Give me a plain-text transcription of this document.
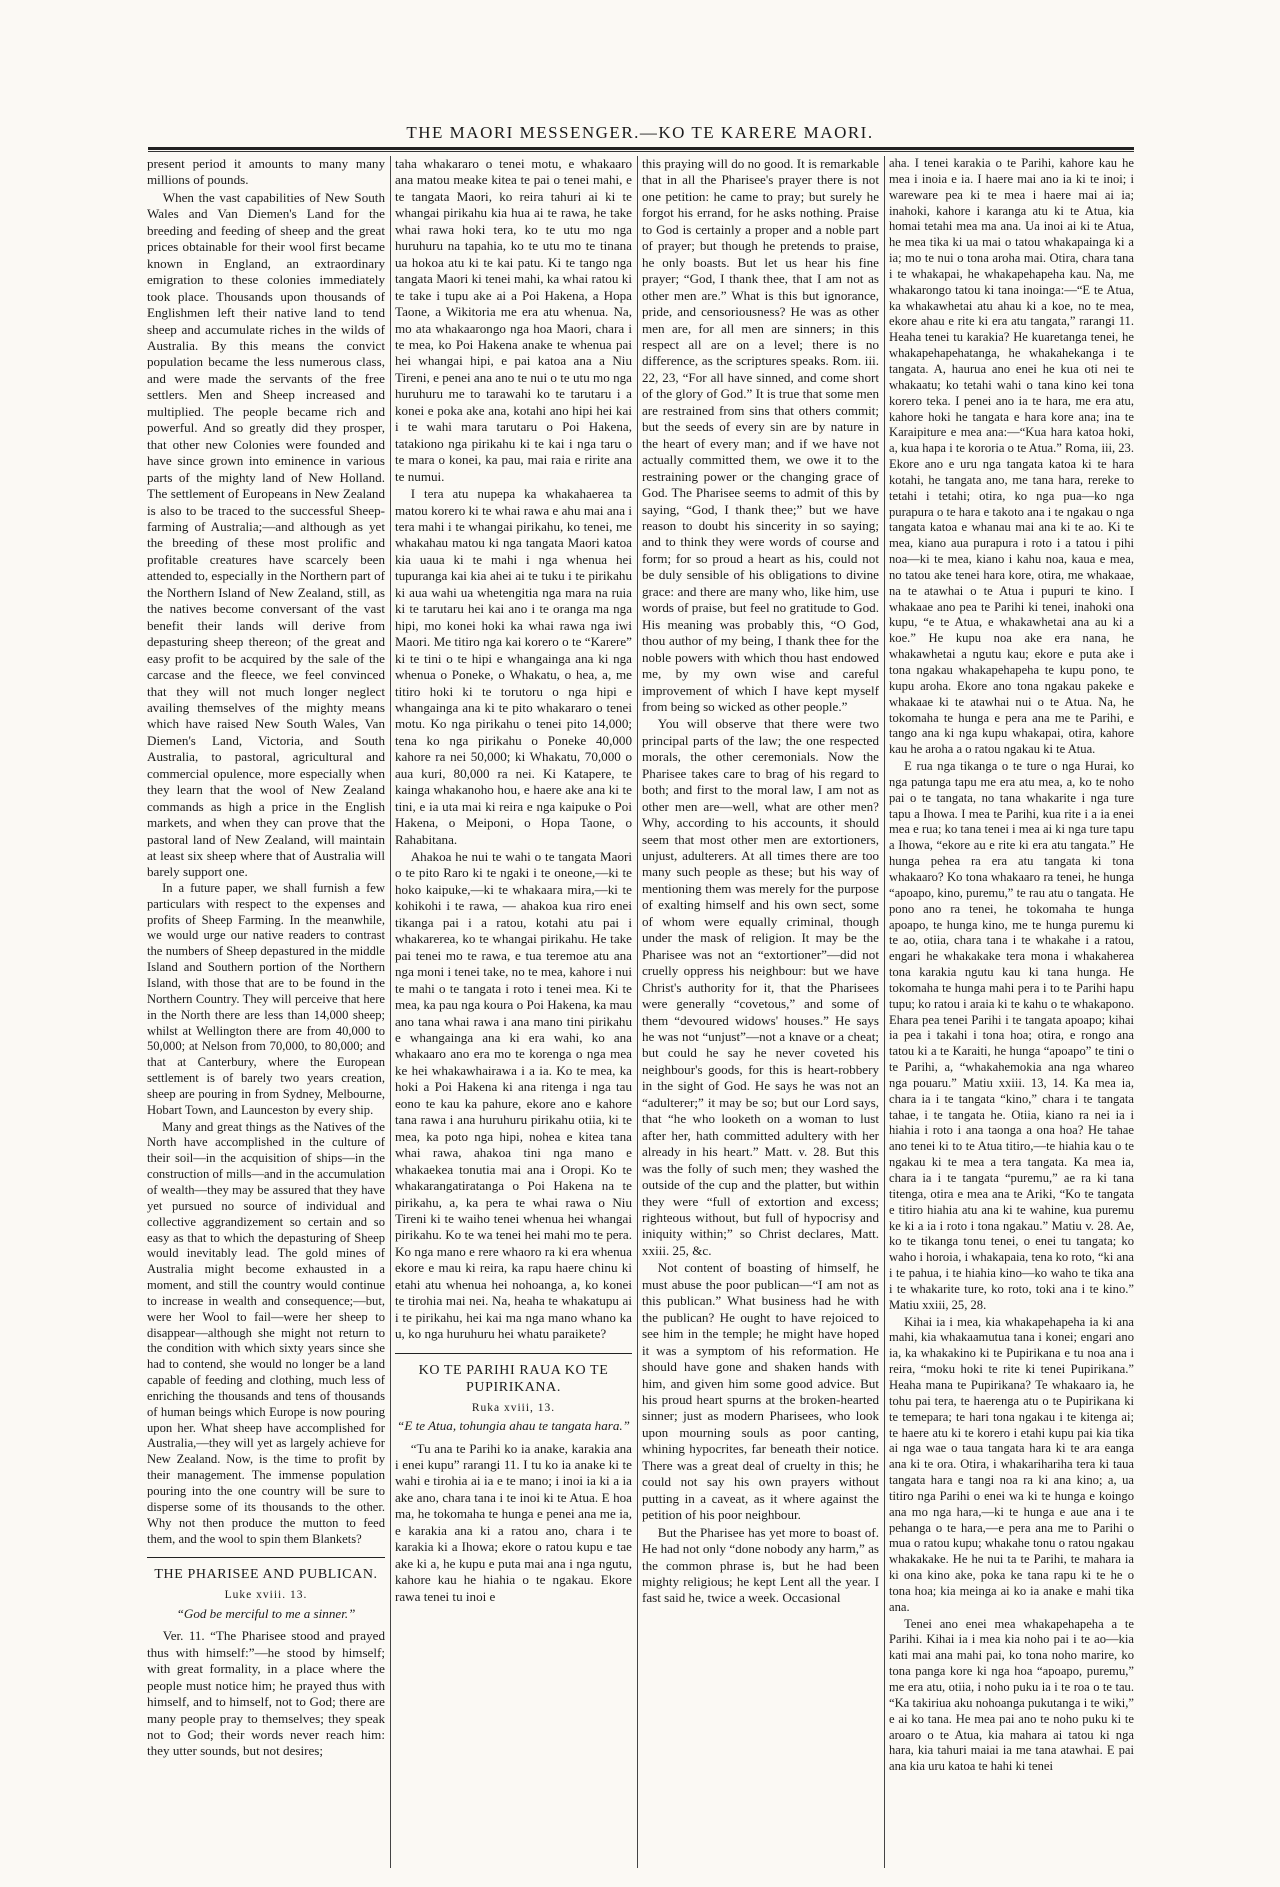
THE MAORI MESSENGER.—KO TE KARERE MAORI.

present period it amounts to many many millions of pounds.

When the vast capabilities of New South Wales and Van Diemen's Land for the breeding and feeding of sheep and the great prices obtainable for their wool first became known in England, an extraordinary emigration to these colonies immediately took place. Thousands upon thousands of Englishmen left their native land to tend sheep and accumulate riches in the wilds of Australia. By this means the convict population became the less numerous class, and were made the servants of the free settlers. Men and Sheep increased and multiplied. The people became rich and powerful. And so greatly did they prosper, that other new Colonies were founded and have since grown into eminence in various parts of the mighty land of New Holland. The settlement of Europeans in New Zealand is also to be traced to the successful Sheep-farming of Australia;—and although as yet the breeding of these most prolific and profitable creatures have scarcely been attended to, especially in the Northern part of the Northern Island of New Zealand, still, as the natives become conversant of the vast benefit their lands will derive from depasturing sheep thereon; of the great and easy profit to be acquired by the sale of the carcase and the fleece, we feel convinced that they will not much longer neglect availing themselves of the mighty means which have raised New South Wales, Van Diemen's Land, Victoria, and South Australia, to pastoral, agricultural and commercial opulence, more especially when they learn that the wool of New Zealand commands as high a price in the English markets, and when they can prove that the pastoral land of New Zealand, will maintain at least six sheep where that of Australia will barely support one.

In a future paper, we shall furnish a few particulars with respect to the expenses and profits of Sheep Farming. In the meanwhile, we would urge our native readers to contrast the numbers of Sheep depastured in the middle Island and Southern portion of the Northern Island, with those that are to be found in the Northern Country. They will perceive that here in the North there are less than 14,000 sheep; whilst at Wellington there are from 40,000 to 50,000; at Nelson from 70,000, to 80,000; and that at Canterbury, where the European settlement is of barely two years creation, sheep are pouring in from Sydney, Melbourne, Hobart Town, and Launceston by every ship.

Many and great things as the Natives of the North have accomplished in the culture of their soil—in the acquisition of ships—in the construction of mills—and in the accumulation of wealth—they may be assured that they have yet pursued no source of individual and collective aggrandizement so certain and so easy as that to which the depasturing of Sheep would inevitably lead. The gold mines of Australia might become exhausted in a moment, and still the country would continue to increase in wealth and consequence;—but, were her Wool to fail—were her sheep to disappear—although she might not return to the condition with which sixty years since she had to contend, she would no longer be a land capable of feeding and clothing, much less of enriching the thousands and tens of thousands of human beings which Europe is now pouring upon her. What sheep have accomplished for Australia,—they will yet as largely achieve for New Zealand. Now, is the time to profit by their management. The immense population pouring into the one country will be sure to disperse some of its thousands to the other. Why not then produce the mutton to feed them, and the wool to spin them Blankets?

THE PHARISEE AND PUBLICAN.
Luke xviii. 13.
“God be merciful to me a sinner.”

Ver. 11. “The Pharisee stood and prayed thus with himself:”—he stood by himself; with great formality, in a place where the people must notice him; he prayed thus with himself, and to himself, not to God; there are many people pray to themselves; they speak not to God; their words never reach him: they utter sounds, but not desires;

taha whakararo o tenei motu, e whakaaro ana matou meake kitea te pai o tenei mahi, e te tangata Maori, ko reira tahuri ai ki te whangai pirikahu kia hua ai te rawa, he take whai rawa hoki tera, ko te utu mo nga huruhuru na tapahia, ko te utu mo te tinana ua hokoa atu ki te kai patu. Ki te tango nga tangata Maori ki tenei mahi, ka whai ratou ki te take i tupu ake ai a Poi Hakena, a Hopa Taone, a Wikitoria me era atu whenua. Na, mo ata whakaarongo nga hoa Maori, chara i te mea, ko Poi Hakena anake te whenua pai hei whangai hipi, e pai katoa ana a Niu Tireni, e penei ana ano te nui o te utu mo nga huruhuru me to tarawahi ko te tarutaru i a konei e poka ake ana, kotahi ano hipi hei kai i te wahi mara tarutaru o Poi Hakena, tatakiono nga pirikahu ki te kai i nga taru o te mara o konei, ka pau, mai raia e ririte ana te numui.

I tera atu nupepa ka whakahaerea ta matou korero ki te whai rawa e ahu mai ana i tera mahi i te whangai pirikahu, ko tenei, me whakahau matou ki nga tangata Maori katoa kia uaua ki te mahi i nga whenua hei tupuranga kai kia ahei ai te tuku i te pirikahu ki aua wahi ua whetengitia nga mara na ruia ki te tarutaru hei kai ano i te oranga ma nga hipi, mo konei hoki ka whai rawa nga iwi Maori. Me titiro nga kai korero o te “Karere” ki te tini o te hipi e whangainga ana ki nga whenua o Poneke, o Whakatu, o hea, a, me titiro hoki ki te torutoru o nga hipi e whangainga ana ki te pito whakararo o tenei motu. Ko nga pirikahu o tenei pito 14,000; tena ko nga pirikahu o Poneke 40,000 kahore ra nei 50,000; ki Whakatu, 70,000 o aua kuri, 80,000 ra nei. Ki Katapere, te kainga whakanoho hou, e haere ake ana ki te tini, e ia uta mai ki reira e nga kaipuke o Poi Hakena, o Meiponi, o Hopa Taone, o Rahabitana.

Ahakoa he nui te wahi o te tangata Maori o te pito Raro ki te ngaki i te oneone,—ki te hoko kaipuke,—ki te whakaara mira,—ki te kohikohi i te rawa, — ahakoa kua riro enei tikanga pai i a ratou, kotahi atu pai i whakarerea, ko te whangai pirikahu. He take pai tenei mo te rawa, e tua teremoe atu ana nga moni i tenei take, no te mea, kahore i nui te mahi o te tangata i roto i tenei mea. Ki te mea, ka pau nga koura o Poi Hakena, ka mau ano tana whai rawa i ana mano tini pirikahu e whangainga ana ki era wahi, ko ana whakaaro ano era mo te korenga o nga mea ke hei whakawhairawa i a ia. Ko te mea, ka hoki a Poi Hakena ki ana ritenga i nga tau eono te kau ka pahure, ekore ano e kahore tana rawa i ana huruhuru pirikahu otiia, ki te mea, ka poto nga hipi, nohea e kitea tana whai rawa, ahakoa tini nga mano e whakaekea tonutia mai ana i Oropi. Ko te whakarangatiratanga o Poi Hakena na te pirikahu, a, ka pera te whai rawa o Niu Tireni ki te waiho tenei whenua hei whangai pirikahu. Ko te wa tenei hei mahi mo te pera. Ko nga mano e rere whaoro ra ki era whenua ekore e mau ki reira, ka rapu haere chinu ki etahi atu whenua hei nohoanga, a, ko konei te tirohia mai nei. Na, heaha te whakatupu ai i te pirikahu, hei kai ma nga mano whano ka u, ko nga huruhuru hei whatu paraikete?

KO TE PARIHI RAUA KO TE PUPIRIKANA.
Ruka xviii, 13.
“E te Atua, tohungia ahau te tangata hara.”

“Tu ana te Parihi ko ia anake, karakia ana i enei kupu” rarangi 11. I tu ko ia anake ki te wahi e tirohia ai ia e te mano; i inoi ia ki a ia ake ano, chara tana i te inoi ki te Atua. E hoa ma, he tokomaha te hunga e penei ana me ia, e karakia ana ki a ratou ano, chara i te karakia ki a Ihowa; ekore o ratou kupu e tae ake ki a, he kupu e puta mai ana i nga ngutu, kahore kau he hiahia o te ngakau. Ekore rawa tenei tu inoi e

this praying will do no good. It is remarkable that in all the Pharisee's prayer there is not one petition: he came to pray; but surely he forgot his errand, for he asks nothing. Praise to God is certainly a proper and a noble part of prayer; but though he pretends to praise, he only boasts. But let us hear his fine prayer; “God, I thank thee, that I am not as other men are.” What is this but ignorance, pride, and censoriousness? He was as other men are, for all men are sinners; in this respect all are on a level; there is no difference, as the scriptures speaks. Rom. iii. 22, 23, “For all have sinned, and come short of the glory of God.” It is true that some men are restrained from sins that others commit; but the seeds of every sin are by nature in the heart of every man; and if we have not actually committed them, we owe it to the restraining power or the changing grace of God. The Pharisee seems to admit of this by saying, “God, I thank thee;” but we have reason to doubt his sincerity in so saying; and to think they were words of course and form; for so proud a heart as his, could not be duly sensible of his obligations to divine grace: and there are many who, like him, use words of praise, but feel no gratitude to God. His meaning was probably this, “O God, thou author of my being, I thank thee for the noble powers with which thou hast endowed me, by my own wise and careful improvement of which I have kept myself from being so wicked as other people.”

You will observe that there were two principal parts of the law; the one respected morals, the other ceremonials. Now the Pharisee takes care to brag of his regard to both; and first to the moral law, I am not as other men are—well, what are other men? Why, according to his accounts, it should seem that most other men are extortioners, unjust, adulterers. At all times there are too many such people as these; but his way of mentioning them was merely for the purpose of exalting himself and his own sect, some of whom were equally criminal, though under the mask of religion. It may be the Pharisee was not an “extortioner”—did not cruelly oppress his neighbour: but we have Christ's authority for it, that the Pharisees were generally “covetous,” and some of them “devoured widows' houses.” He says he was not “unjust”—not a knave or a cheat; but could he say he never coveted his neighbour's goods, for this is heart-robbery in the sight of God. He says he was not an “adulterer;” it may be so; but our Lord says, that “he who looketh on a woman to lust after her, hath committed adultery with her already in his heart.” Matt. v. 28. But this was the folly of such men; they washed the outside of the cup and the platter, but within they were “full of extortion and excess; righteous without, but full of hypocrisy and iniquity within;” so Christ declares, Matt. xxiii. 25, &c.

Not content of boasting of himself, he must abuse the poor publican—“I am not as this publican.” What business had he with the publican? He ought to have rejoiced to see him in the temple; he might have hoped it was a symptom of his reformation. He should have gone and shaken hands with him, and given him some good advice. But his proud heart spurns at the broken-hearted sinner; just as modern Pharisees, who look upon mourning souls as poor canting, whining hypocrites, far beneath their notice. There was a great deal of cruelty in this; he could not say his own prayers without putting in a caveat, as it where against the petition of his poor neighbour.

But the Pharisee has yet more to boast of. He had not only “done nobody any harm,” as the common phrase is, but he had been mighty religious; he kept Lent all the year. I fast said he, twice a week. Occasional

aha. I tenei karakia o te Parihi, kahore kau he mea i inoia e ia. I haere mai ano ia ki te inoi; i wareware pea ki te mea i haere mai ai ia; inahoki, kahore i karanga atu ki te Atua, kia homai tetahi mea ma ana. Ua inoi ai ki te Atua, he mea tika ki ua mai o tatou whakapainga ki a ia; mo te nui o tona aroha mai. Otira, chara tana i te whakapai, he whakapehapeha kau. Na, me whakarongo tatou ki tana inoinga:—“E te Atua, ka whakawhetai atu ahau ki a koe, no te mea, ekore ahau e rite ki era atu tangata,” rarangi 11. Heaha tenei tu karakia? He kuaretanga tenei, he whakapehapehatanga, he whakahekanga i te tangata. A, haurua ano enei he kua oti nei te whakaatu; ko tetahi wahi o tana kino kei tona korero teka. I penei ano ia te hara, me era atu, kahore hoki he tangata e hara kore ana; ina te Karaipiture e mea ana:—“Kua hara katoa hoki, a, kua hapa i te kororia o te Atua.” Roma, iii, 23. Ekore ano e uru nga tangata katoa ki te hara kotahi, he tangata ano, me tana hara, rereke to tetahi i tetahi; otira, ko nga pua—ko nga purapura o te hara e takoto ana i te ngakau o nga tangata katoa e whanau mai ana ki te ao. Ki te mea, kiano aua purapura i roto i a tatou i pihi noa—ki te mea, kiano i kahu noa, kaua e mea, no tatou ake tenei hara kore, otira, me whakaae, na te atawhai o te Atua i pupuri te kino. I whakaae ano pea te Parihi ki tenei, inahoki ona kupu, “e te Atua, e whakawhetai ana au ki a koe.” He kupu noa ake era nana, he whakawhetai a ngutu kau; ekore e puta ake i tona ngakau whakapehapeha te kupu pono, te kupu aroha. Ekore ano tona ngakau pakeke e whakaae ki te atawhai nui o te Atua. Na, he tokomaha te hunga e pera ana me te Parihi, e tango ana ki nga kupu whakapai, otira, kahore kau he aroha a o ratou ngakau ki te Atua.

E rua nga tikanga o te ture o nga Hurai, ko nga patunga tapu me era atu mea, a, ko te noho pai o te tangata, no tana whakarite i nga ture tapu a Ihowa. I mea te Parihi, kua rite i a ia enei mea e rua; ko tana tenei i mea ai ki nga ture tapu a Ihowa, “ekore au e rite ki era atu tangata.” He hunga pehea ra era atu tangata ki tona whakaaro? Ko tona whakaaro ra tenei, he hunga “apoapo, kino, puremu,” te rau atu o tangata. He pono ano ra tenei, he tokomaha te hunga apoapo, te hunga kino, me te hunga puremu ki te ao, otiia, chara tana i te whakahe i a ratou, engari he whakakake tera mona i whakaherea tona karakia ngutu kau ki tana hunga. He tokomaha te hunga mahi pera i to te Parihi hapu tupu; ko ratou i araia ki te kahu o te whakapono. Ehara pea tenei Parihi i te tangata apoapo; kihai ia pea i takahi i tona hoa; otira, e rongo ana tatou ki a te Karaiti, he hunga “apoapo” te tini o te Parihi, a, “whakahemokia ana nga whareo nga pouaru.” Matiu xxiii. 13, 14. Ka mea ia, chara ia i te tangata “kino,” chara i te tangata tahae, i te tangata he. Otiia, kiano ra nei ia i hiahia i roto i ana taonga a ona hoa? He tahae ano tenei ki to te Atua titiro,—te hiahia kau o te ngakau ki te mea a tera tangata. Ka mea ia, chara ia i te tangata “puremu,” ae ra ki tana titenga, otira e mea ana te Ariki, “Ko te tangata e titiro hiahia atu ana ki te wahine, kua puremu ke ki a ia i roto i tona ngakau.” Matiu v. 28. Ae, ko te tikanga tonu tenei, o enei tu tangata; ko waho i horoia, i whakapaia, tena ko roto, “ki ana i te pahua, i te hiahia kino—ko waho te tika ana i te whakarite ture, ko roto, toki ana i te kino.” Matiu xxiii, 25, 28.

Kihai ia i mea, kia whakapehapeha ia ki ana mahi, kia whakaamutua tana i konei; engari ano ia, ka whakakino ki te Pupirikana e tu noa ana i reira, “moku hoki te rite ki tenei Pupirikana.” Heaha mana te Pupirikana? Te whakaaro ia, he tohu pai tera, te haerenga atu o te Pupirikana ki te temepara; te hari tona ngakau i te kitenga ai; te haere atu ki te korero i etahi kupu pai kia tika ai nga wae o taua tangata hara ki te ara eanga ana ki te ora. Otira, i whakarihariha tera ki taua tangata hara e tangi noa ra ki ana kino; a, ua titiro nga Parihi o enei wa ki te hunga e koingo ana mo nga hara,—ki te hunga e aue ana i te pehanga o te hara,—e pera ana me to Parihi o mua o ratou kupu; whakahe tonu o ratou ngakau whakakake. He he nui ta te Parihi, te mahara ia ki ona kino ake, poka ke tana rapu ki te he o tona hoa; kia meinga ai ko ia anake e mahi tika ana.

Tenei ano enei mea whakapehapeha a te Parihi. Kihai ia i mea kia noho pai i te ao—kia kati mai ana mahi pai, ko tona noho marire, ko tona panga kore ki nga hoa “apoapo, puremu,” me era atu, otiia, i noho puku ia i te roa o te tau. “Ka takiriua aku nohoanga pukutanga i te wiki,” e ai ko tana. He mea pai ano te noho puku ki te aroaro o te Atua, kia mahara ai tatou ki nga hara, kia tahuri maiai ia me tana atawhai. E pai ana kia uru katoa te hahi ki tenei
